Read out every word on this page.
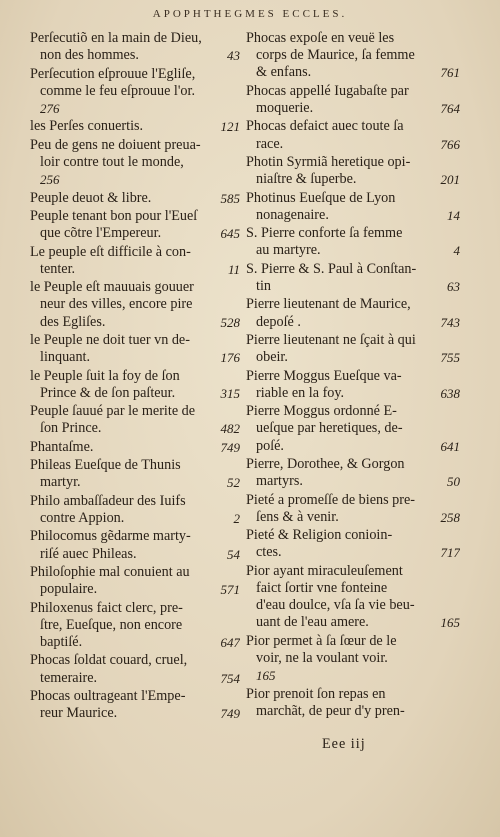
APOPHTHEGMES ECCLES.
Perſecutiõ en la main de Dieu,
non des hommes.	43
Perſecution eſprouue l'Egliſe,
comme le feu eſprouue l'or.
276
les Perſes conuertis.	121
Peu de gens ne doiuent preua-
loir contre tout le monde,
256
Peuple deuot & libre.	585
Peuple tenant bon pour l'Eueſ
que cõtre l'Empereur.	645
Le peuple eſt difficile à con-
tenter.	11
le Peuple eſt mauuais gouuer
neur des villes, encore pire
des Egliſes.	528
le Peuple ne doit tuer vn de-
linquant.	176
le Peuple ſuit la foy de ſon
Prince & de ſon paſteur.	315
Peuple ſauué par le merite de
ſon Prince.	482
Phantaſme.	749
Phileas Eueſque de Thunis
martyr.	52
Philo ambaſſadeur des Iuifs
contre Appion.	2
Philocomus gẽdarme marty-
riſé auec Phileas.	54
Philoſophie mal conuient au
populaire.	571
Philoxenus faict clerc, pre-
ſtre, Eueſque, non encore
baptiſé.	647
Phocas ſoldat couard, cruel,
temeraire.	754
Phocas oultrageant l'Empe-
reur Maurice.	749
Phocas expoſe en veuë les
corps de Maurice, ſa femme
& enfans.	761
Phocas appellé Iugabaſte par
moquerie.	764
Phocas defaict auec toute ſa
race.	766
Photin Syrmiã heretique opi-
niaſtre & ſuperbe.	201
Photinus Eueſque de Lyon
nonagenaire.	14
S. Pierre conforte ſa femme
au martyre.	4
S. Pierre & S. Paul à Conſtan-
tin	63
Pierre lieutenant de Maurice,
depoſé .	743
Pierre lieutenant ne ſçait à qui
obeir.	755
Pierre Moggus Eueſque va-
riable en la foy.	638
Pierre Moggus ordonné E-
ueſque par heretiques, de-
poſé.	641
Pierre, Dorothee, & Gorgon
martyrs.	50
Pieté a promeſſe de biens pre-
ſens & à venir.	258
Pieté & Religion conioin-
ctes.	717
Pior ayant miraculeuſement
faict ſortir vne fonteine
d'eau doulce, vſa ſa vie beu-
uant de l'eau amere.	165
Pior permet à ſa ſœur de le
voir, ne la voulant voir.
165
Pior prenoit ſon repas en
marchãt, de peur d'y pren-
Eee iij
